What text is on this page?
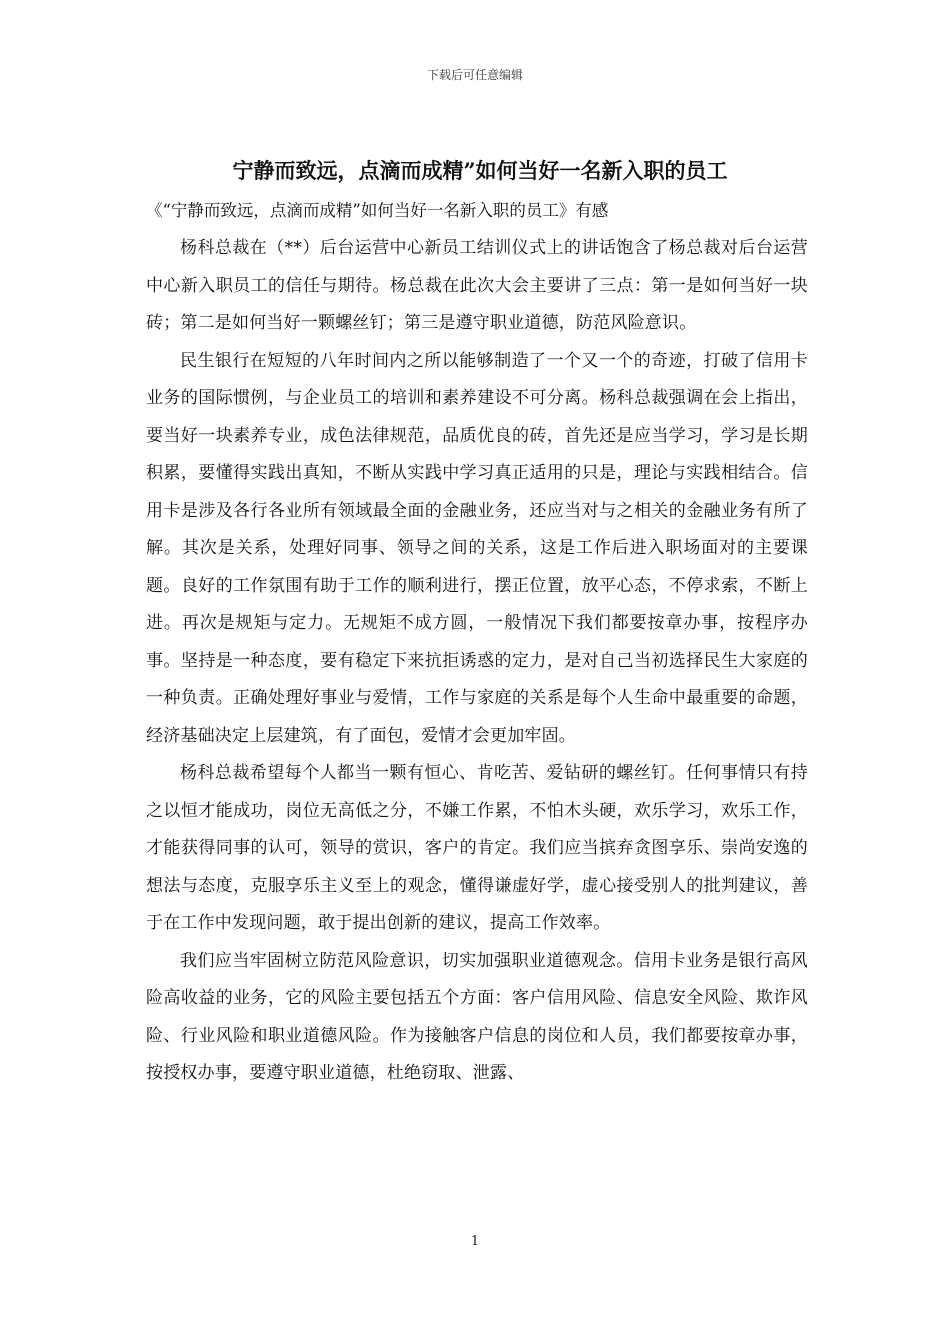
下载后可任意编辑
宁静而致远，点滴而成精”如何当好一名新入职的员工
《“宁静而致远，点滴而成精”如何当好一名新入职的员工》有感

杨科总裁在（**）后台运营中心新员工结训仪式上的讲话饱含了杨总裁对后台运营中心新入职员工的信任与期待。杨总裁在此次大会主要讲了三点：第一是如何当好一块砖；第二是如何当好一颗螺丝钉；第三是遵守职业道德，防范风险意识。

民生银行在短短的八年时间内之所以能够制造了一个又一个的奇迹，打破了信用卡业务的国际惯例，与企业员工的培训和素养建设不可分离。杨科总裁强调在会上指出，要当好一块素养专业，成色法律规范，品质优良的砖，首先还是应当学习，学习是长期积累，要懂得实践出真知，不断从实践中学习真正适用的只是，理论与实践相结合。信用卡是涉及各行各业所有领域最全面的金融业务，还应当对与之相关的金融业务有所了解。其次是关系，处理好同事、领导之间的关系，这是工作后进入职场面对的主要课题。良好的工作氛围有助于工作的顺利进行，摆正位置，放平心态，不停求索，不断上进。再次是规矩与定力。无规矩不成方圆，一般情况下我们都要按章办事，按程序办事。坚持是一种态度，要有稳定下来抗拒诱惑的定力，是对自己当初选择民生大家庭的一种负责。正确处理好事业与爱情，工作与家庭的关系是每个人生命中最重要的命题，经济基础决定上层建筑，有了面包，爱情才会更加牢固。

杨科总裁希望每个人都当一颗有恒心、肯吃苦、爱钻研的螺丝钉。任何事情只有持之以恒才能成功，岗位无高低之分，不嫌工作累，不怕木头硬，欢乐学习，欢乐工作，才能获得同事的认可，领导的赏识，客户的肯定。我们应当摈弃贪图享乐、崇尚安逸的想法与态度，克服享乐主义至上的观念，懂得谦虚好学，虚心接受别人的批判建议，善于在工作中发现问题，敢于提出创新的建议，提高工作效率。

我们应当牢固树立防范风险意识，切实加强职业道德观念。信用卡业务是银行高风险高收益的业务，它的风险主要包括五个方面：客户信用风险、信息安全风险、欺诈风险、行业风险和职业道德风险。作为接触客户信息的岗位和人员，我们都要按章办事，按授权办事，要遵守职业道德，杜绝窃取、泄露、

1
